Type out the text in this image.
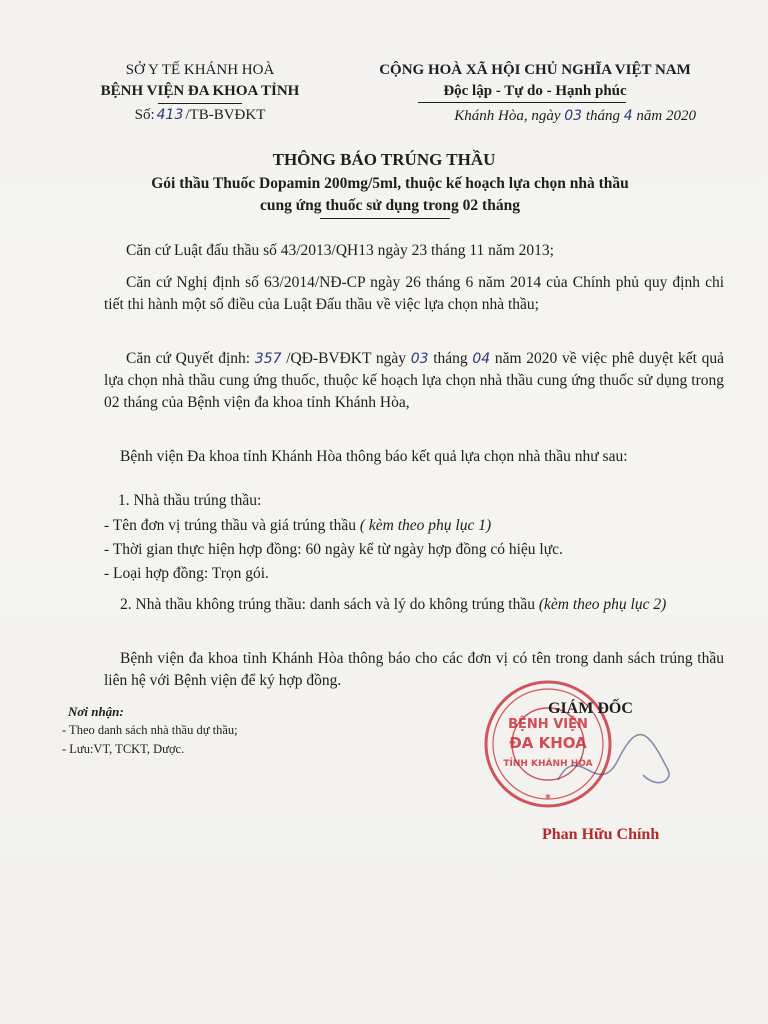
SỞ Y TẾ KHÁNH HOÀ
BỆNH VIỆN ĐA KHOA TỈNH
Số: 413 /TB-BVĐKT
CỘNG HOÀ XÃ HỘI CHỦ NGHĨA VIỆT NAM
Độc lập - Tự do - Hạnh phúc
Khánh Hòa, ngày 03 tháng 4 năm 2020
THÔNG BÁO TRÚNG THẦU
Gói thầu Thuốc Dopamin 200mg/5ml, thuộc kế hoạch lựa chọn nhà thầu
cung ứng thuốc sử dụng trong 02 tháng
Căn cứ Luật đấu thầu số 43/2013/QH13 ngày 23 tháng 11 năm 2013;
Căn cứ Nghị định số 63/2014/NĐ-CP ngày 26 tháng 6 năm 2014 của Chính phủ quy định chi tiết thi hành một số điều của Luật Đấu thầu về việc lựa chọn nhà thầu;
Căn cứ Quyết định: 357 /QĐ-BVĐKT ngày 03 tháng 04 năm 2020 về việc phê duyệt kết quả lựa chọn nhà thầu cung ứng thuốc, thuộc kế hoạch lựa chọn nhà thầu cung ứng thuốc sử dụng trong 02 tháng của Bệnh viện đa khoa tỉnh Khánh Hòa,
Bệnh viện Đa khoa tỉnh Khánh Hòa thông báo kết quả lựa chọn nhà thầu như sau:
1. Nhà thầu trúng thầu:
- Tên đơn vị trúng thầu và giá trúng thầu ( kèm theo phụ lục 1)
- Thời gian thực hiện hợp đồng: 60 ngày kể từ ngày hợp đồng có hiệu lực.
- Loại hợp đồng: Trọn gói.
2. Nhà thầu không trúng thầu: danh sách và lý do không trúng thầu (kèm theo phụ lục 2)
Bệnh viện đa khoa tỉnh Khánh Hòa thông báo cho các đơn vị có tên trong danh sách trúng thầu liên hệ với Bệnh viện để ký hợp đồng.
Nơi nhận:
- Theo danh sách nhà thầu dự thầu;
- Lưu:VT, TCKT, Dược.
BỆNH VIỆN
ĐA KHOA
TỈNH KHÁNH HÒA
✶
GIÁM ĐỐC
Phan Hữu Chính
